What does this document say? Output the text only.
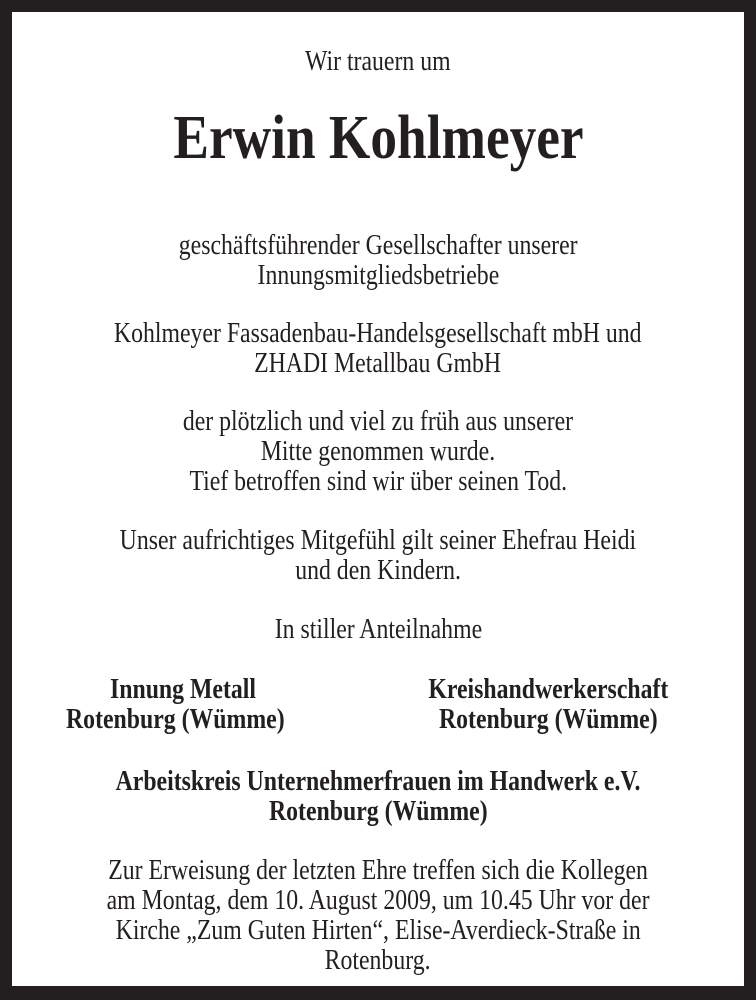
Wir trauern um
Erwin Kohlmeyer
geschäftsführender Gesellschafter unserer
Innungsmitgliedsbetriebe
Kohlmeyer Fassadenbau-Handelsgesellschaft mbH und
ZHADI Metallbau GmbH
der plötzlich und viel zu früh aus unserer
Mitte genommen wurde.
Tief betroffen sind wir über seinen Tod.
Unser aufrichtiges Mitgefühl gilt seiner Ehefrau Heidi
und den Kindern.
In stiller Anteilnahme
Innung Metall
Rotenburg (Wümme)
Kreishandwerkerschaft
Rotenburg (Wümme)
Arbeitskreis Unternehmerfrauen im Handwerk e.V.
Rotenburg (Wümme)
Zur Erweisung der letzten Ehre treffen sich die Kollegen
am Montag, dem 10. August 2009, um 10.45 Uhr vor der
Kirche „Zum Guten Hirten“, Elise-Averdieck-Straße in
Rotenburg.
